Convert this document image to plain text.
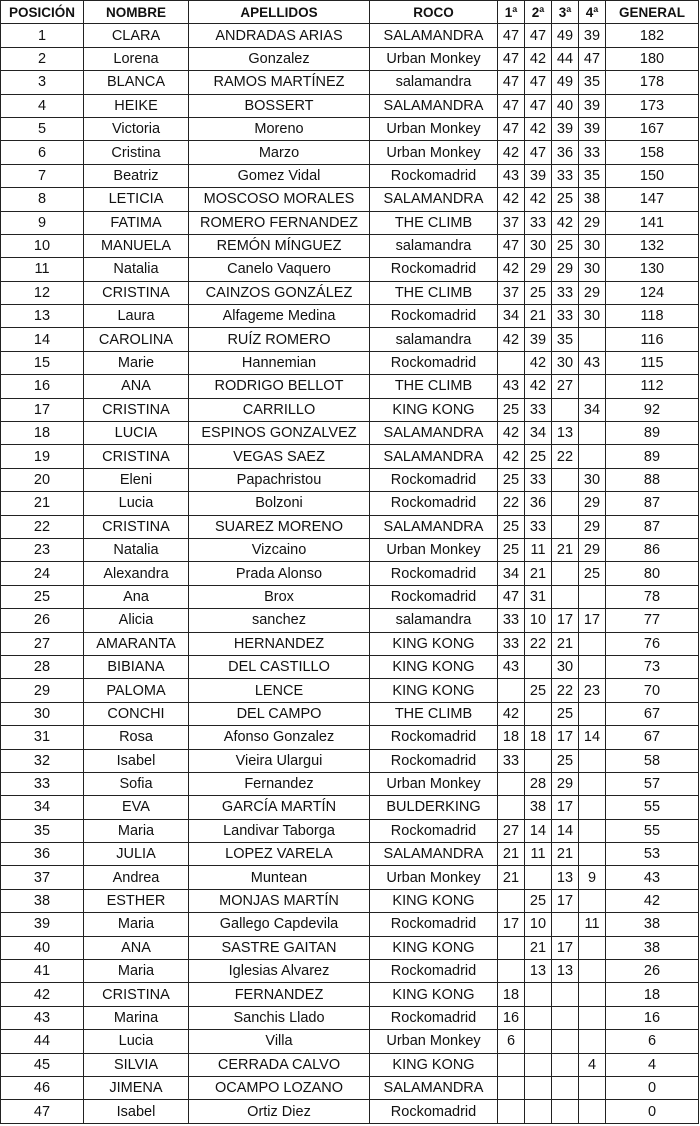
POSICIÓN	NOMBRE	APELLIDOS	ROCO	1ª	2ª	3ª	4ª	GENERAL
1	CLARA	ANDRADAS ARIAS	SALAMANDRA	47	47	49	39	182
2	Lorena	Gonzalez	Urban Monkey	47	42	44	47	180
3	BLANCA	RAMOS MARTÍNEZ	salamandra	47	47	49	35	178
4	HEIKE	BOSSERT	SALAMANDRA	47	47	40	39	173
5	Victoria	Moreno	Urban Monkey	47	42	39	39	167
6	Cristina	Marzo	Urban Monkey	42	47	36	33	158
7	Beatriz	Gomez Vidal	Rockomadrid	43	39	33	35	150
8	LETICIA	MOSCOSO MORALES	SALAMANDRA	42	42	25	38	147
9	FATIMA	ROMERO FERNANDEZ	THE CLIMB	37	33	42	29	141
10	MANUELA	REMÓN MÍNGUEZ	salamandra	47	30	25	30	132
11	Natalia	Canelo Vaquero	Rockomadrid	42	29	29	30	130
12	CRISTINA	CAINZOS GONZÁLEZ	THE CLIMB	37	25	33	29	124
13	Laura	Alfageme Medina	Rockomadrid	34	21	33	30	118
14	CAROLINA	RUÍZ ROMERO	salamandra	42	39	35		116
15	Marie	Hannemian	Rockomadrid		42	30	43	115
16	ANA	RODRIGO BELLOT	THE CLIMB	43	42	27		112
17	CRISTINA	CARRILLO	KING KONG	25	33		34	92
18	LUCIA	ESPINOS GONZALVEZ	SALAMANDRA	42	34	13		89
19	CRISTINA	VEGAS SAEZ	SALAMANDRA	42	25	22		89
20	Eleni	Papachristou	Rockomadrid	25	33		30	88
21	Lucia	Bolzoni	Rockomadrid	22	36		29	87
22	CRISTINA	SUAREZ MORENO	SALAMANDRA	25	33		29	87
23	Natalia	Vizcaino	Urban Monkey	25	11	21	29	86
24	Alexandra	Prada Alonso	Rockomadrid	34	21		25	80
25	Ana	Brox	Rockomadrid	47	31			78
26	Alicia	sanchez	salamandra	33	10	17	17	77
27	AMARANTA	HERNANDEZ	KING KONG	33	22	21		76
28	BIBIANA	DEL CASTILLO	KING KONG	43		30		73
29	PALOMA	LENCE	KING KONG		25	22	23	70
30	CONCHI	DEL CAMPO	THE CLIMB	42		25		67
31	Rosa	Afonso Gonzalez	Rockomadrid	18	18	17	14	67
32	Isabel	Vieira Ulargui	Rockomadrid	33		25		58
33	Sofia	Fernandez	Urban Monkey		28	29		57
34	EVA	GARCÍA MARTÍN	BULDERKING		38	17		55
35	Maria	Landivar Taborga	Rockomadrid	27	14	14		55
36	JULIA	LOPEZ VARELA	SALAMANDRA	21	11	21		53
37	Andrea	Muntean	Urban Monkey	21		13	9	43
38	ESTHER	MONJAS MARTÍN	KING KONG		25	17		42
39	Maria	Gallego Capdevila	Rockomadrid	17	10		11	38
40	ANA	SASTRE GAITAN	KING KONG		21	17		38
41	Maria	Iglesias Alvarez	Rockomadrid		13	13		26
42	CRISTINA	FERNANDEZ	KING KONG	18				18
43	Marina	Sanchis Llado	Rockomadrid	16				16
44	Lucia	Villa	Urban Monkey	6				6
45	SILVIA	CERRADA CALVO	KING KONG				4	4
46	JIMENA	OCAMPO LOZANO	SALAMANDRA					0
47	Isabel	Ortiz Diez	Rockomadrid					0
